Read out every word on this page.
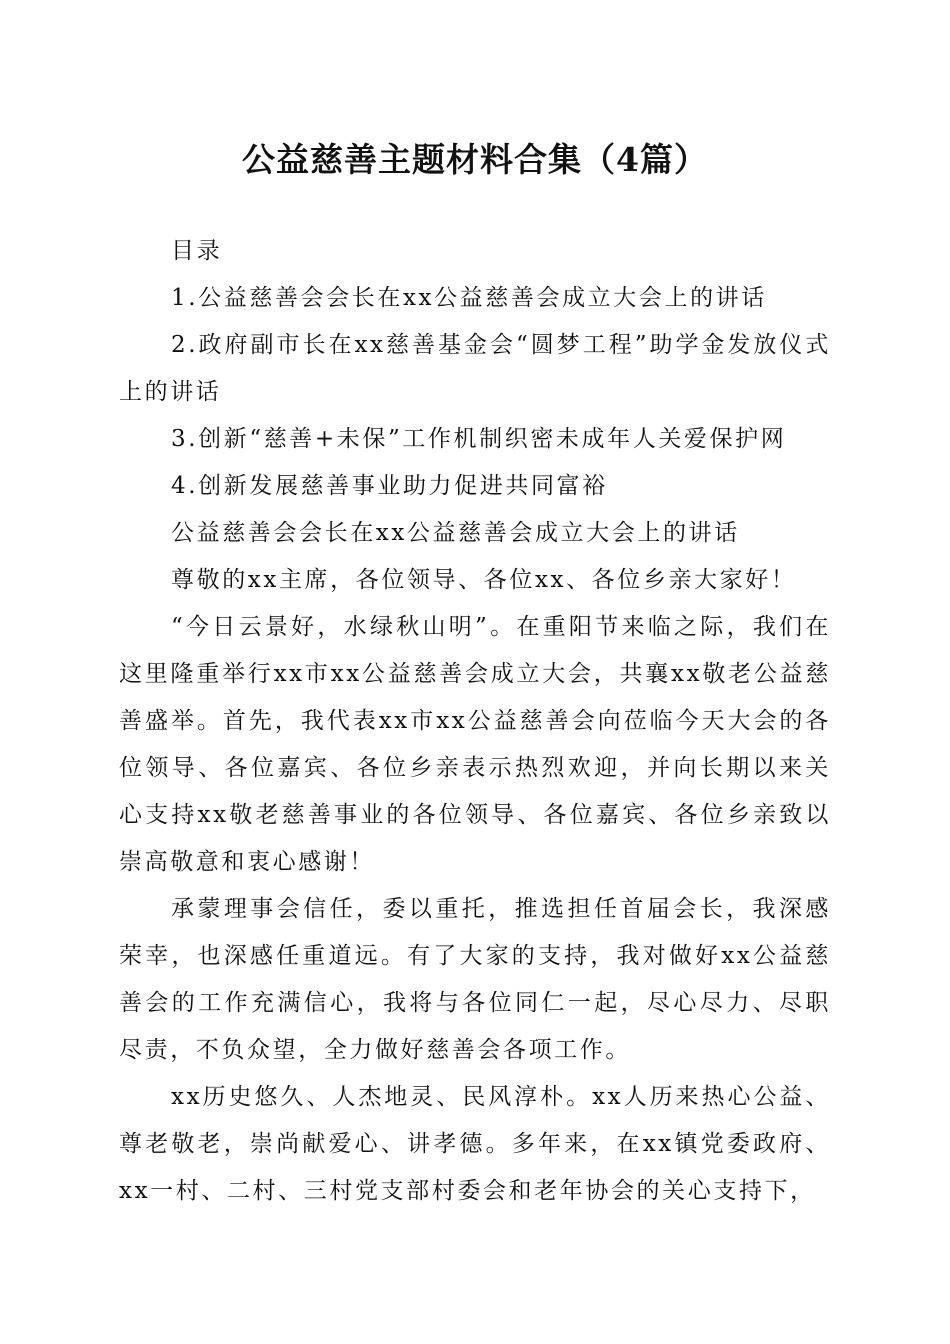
公益慈善主题材料合集（4篇）

目录

1.公益慈善会会长在xx公益慈善会成立大会上的讲话

2.政府副市长在xx慈善基金会“圆梦工程”助学金发放仪式上的讲话

3.创新“慈善+未保”工作机制织密未成年人关爱保护网

4.创新发展慈善事业助力促进共同富裕

公益慈善会会长在xx公益慈善会成立大会上的讲话

尊敬的xx主席，各位领导、各位xx、各位乡亲大家好！

“今日云景好，水绿秋山明”。在重阳节来临之际，我们在这里隆重举行xx市xx公益慈善会成立大会，共襄xx敬老公益慈善盛举。首先，我代表xx市xx公益慈善会向莅临今天大会的各位领导、各位嘉宾、各位乡亲表示热烈欢迎，并向长期以来关心支持xx敬老慈善事业的各位领导、各位嘉宾、各位乡亲致以崇高敬意和衷心感谢！

承蒙理事会信任，委以重托，推选担任首届会长，我深感荣幸，也深感任重道远。有了大家的支持，我对做好xx公益慈善会的工作充满信心，我将与各位同仁一起，尽心尽力、尽职尽责，不负众望，全力做好慈善会各项工作。

xx历史悠久、人杰地灵、民风淳朴。xx人历来热心公益、尊老敬老，崇尚献爱心、讲孝德。多年来，在xx镇党委政府、xx一村、二村、三村党支部村委会和老年协会的关心支持下，
